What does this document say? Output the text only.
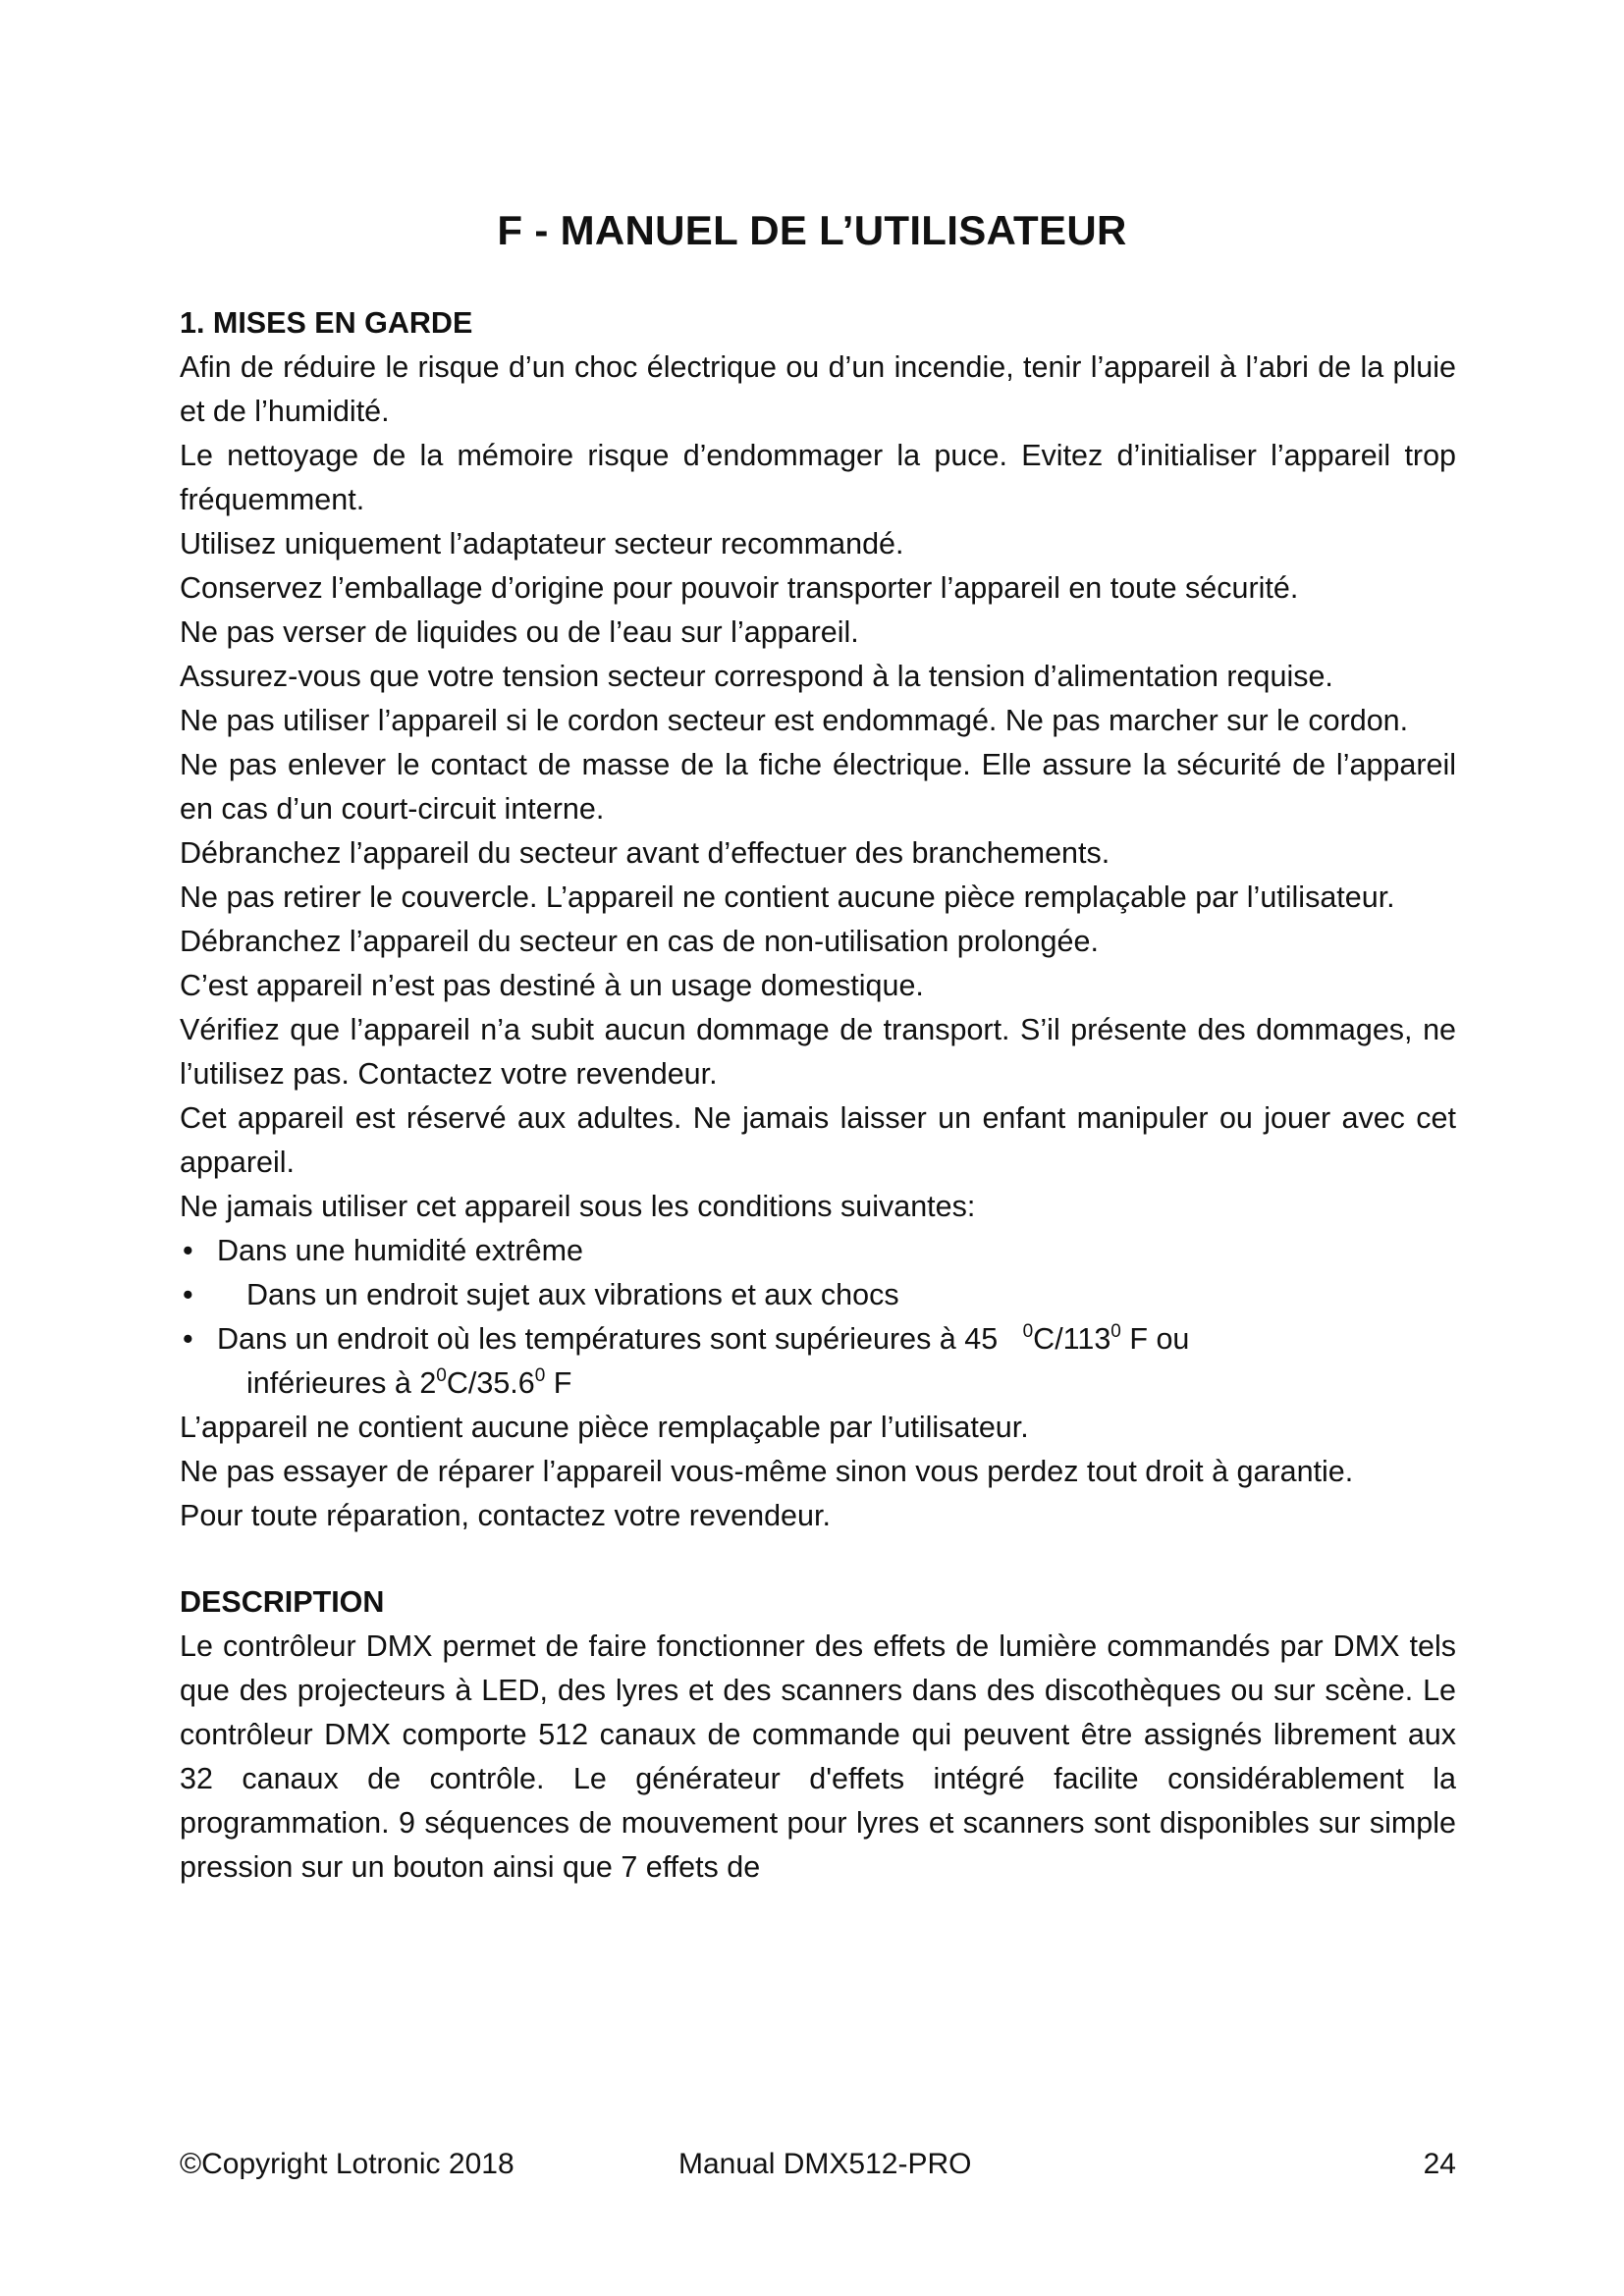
F - MANUEL DE L’UTILISATEUR

1. MISES EN GARDE

Afin de réduire le risque d’un choc électrique ou d’un incendie, tenir l’appareil à l’abri de la pluie et de l’humidité.

Le nettoyage de la mémoire risque d’endommager la puce. Evitez d’initialiser l’appareil trop fréquemment.

Utilisez uniquement l’adaptateur secteur recommandé.

Conservez l’emballage d’origine pour pouvoir transporter l’appareil en toute sécurité.

Ne pas verser de liquides ou de l’eau sur l’appareil.

Assurez-vous que votre tension secteur correspond à la tension d’alimentation requise.

Ne pas utiliser l’appareil si le cordon secteur est endommagé. Ne pas marcher sur le cordon.

Ne pas enlever le contact de masse de la fiche électrique. Elle assure la sécurité de l’appareil en cas d’un court-circuit interne.

Débranchez l’appareil du secteur avant d’effectuer des branchements.

Ne pas retirer le couvercle. L’appareil ne contient aucune pièce remplaçable par l’utilisateur.

Débranchez l’appareil du secteur en cas de non-utilisation prolongée.

C’est appareil n’est pas destiné à un usage domestique.

Vérifiez que l’appareil n’a subit aucun dommage de transport. S’il présente des dommages, ne l’utilisez pas. Contactez votre revendeur.

Cet appareil est réservé aux adultes. Ne jamais laisser un enfant manipuler ou jouer avec cet appareil.

Ne jamais utiliser cet appareil sous les conditions suivantes:

• Dans une humidité extrême
• Dans un endroit sujet aux vibrations et aux chocs
• Dans un endroit où les températures sont supérieures à 45 $^0C/113^0$ F ou
inférieures à $2^0C/35.6^0$ F

L’appareil ne contient aucune pièce remplaçable par l’utilisateur.

Ne pas essayer de réparer l’appareil vous-même sinon vous perdez tout droit à garantie.

Pour toute réparation, contactez votre revendeur.

DESCRIPTION

Le contrôleur DMX permet de faire fonctionner des effets de lumière commandés par DMX tels que des projecteurs à LED, des lyres et des scanners dans des discothèques ou sur scène. Le contrôleur DMX comporte 512 canaux de commande qui peuvent être assignés librement aux 32 canaux de contrôle. Le générateur d'effets intégré facilite considérablement la programmation. 9 séquences de mouvement pour lyres et scanners sont disponibles sur simple pression sur un bouton ainsi que 7 effets de

©Copyright Lotronic 2018	Manual DMX512-PRO	24
